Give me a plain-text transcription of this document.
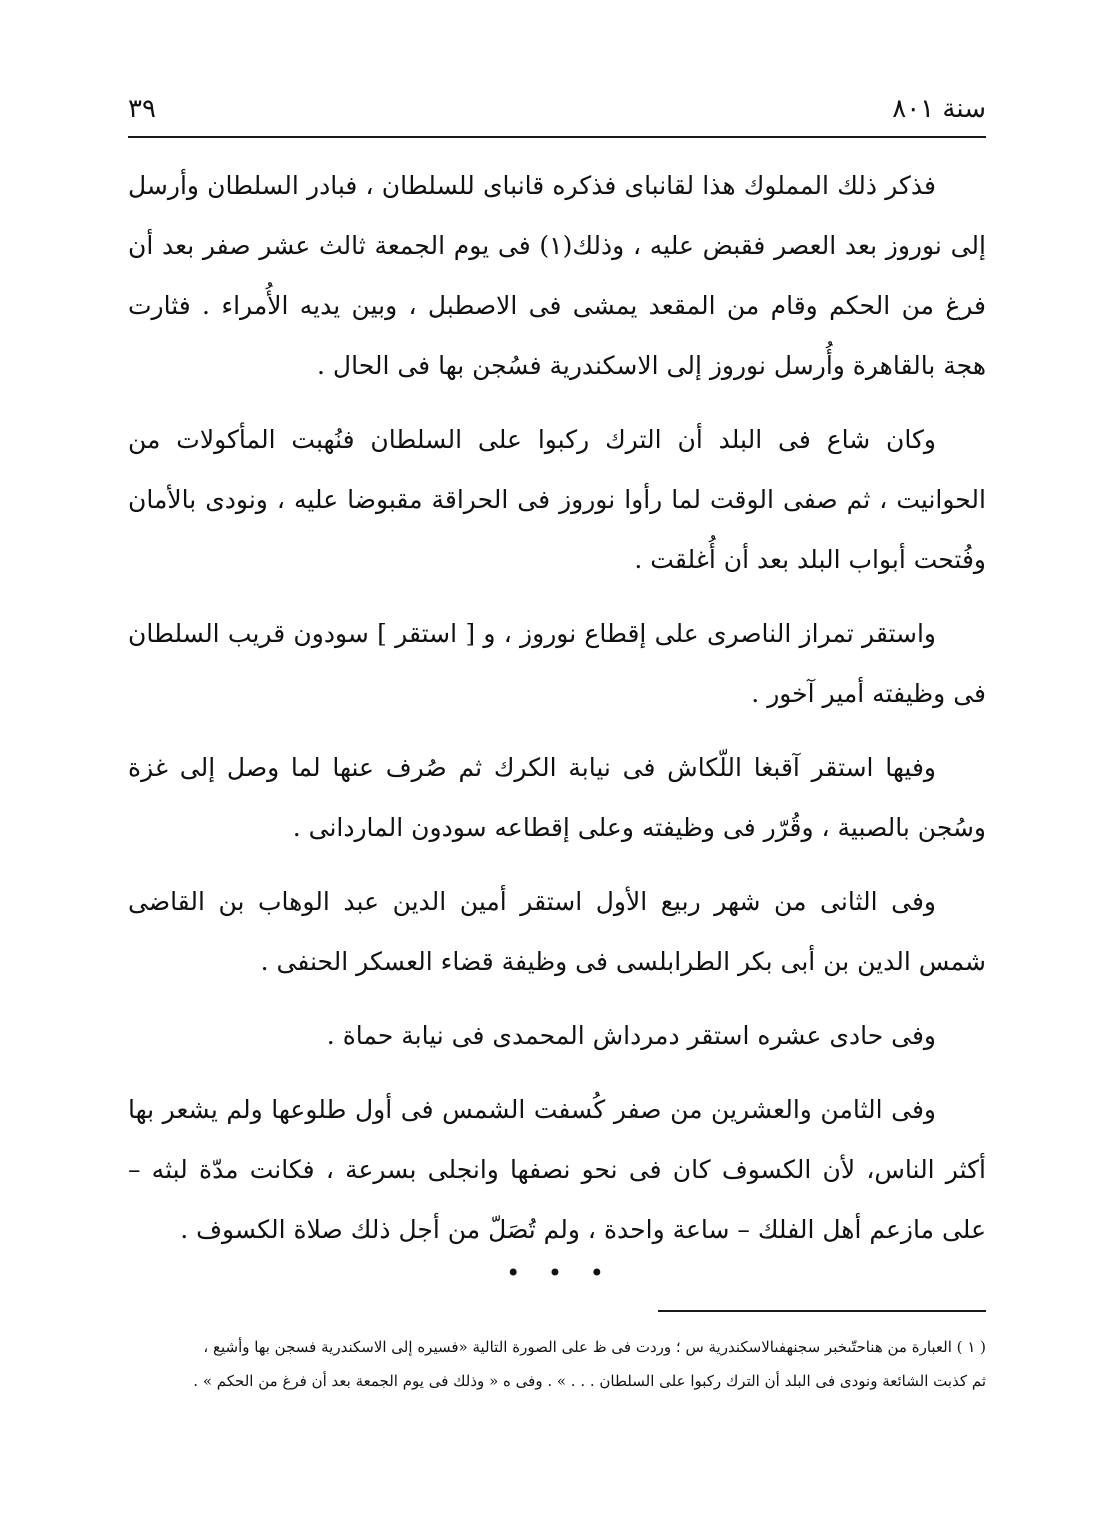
سنة ٨٠١
٣٩

فذكر ذلك المملوك هذا لقانباى فذكره قانباى للسلطان ، فبادر السلطان وأرسل إلى نوروز بعد العصر فقبض عليه ، وذلك(١) فى يوم الجمعة ثالث عشر صفر بعد أن فرغ من الحكم وقام من المقعد يمشى فى الاصطبل ، وبين يديه الأُمراء . فثارت هجة بالقاهرة وأُرسل نوروز إلى الاسكندرية فسُجن بها فى الحال .

وكان شاع فى البلد أن الترك ركبوا على السلطان فنُهبت المأكولات من الحوانيت ، ثم صفى الوقت لما رأوا نوروز فى الحراقة مقبوضا عليه ، ونودى بالأمان وفُتحت أبواب البلد بعد أن أُغلقت .

واستقر تمراز الناصرى على إقطاع نوروز ، و [ استقر ] سودون قريب السلطان فى وظيفته أمير آخور .

وفيها استقر آقبغا اللّكاش فى نيابة الكرك ثم صُرف عنها لما وصل إلى غزة وسُجن بالصبية ، وقُرّر فى وظيفته وعلى إقطاعه سودون الماردانى .

وفى الثانى من شهر ربيع الأول استقر أمين الدين عبد الوهاب بن القاضى شمس الدين بن أبى بكر الطرابلسى فى وظيفة قضاء العسكر الحنفى .

وفى حادى عشره استقر دمرداش المحمدى فى نيابة حماة .

وفى الثامن والعشرين من صفر كُسفت الشمس فى أول طلوعها ولم يشعر بها أكثر الناس، لأن الكسوف كان فى نحو نصفها وانجلى بسرعة ، فكانت مدّة لبثه – على مازعم أهل الفلك – ساعة واحدة ، ولم تُصَلّ من أجل ذلك صلاة الكسوف .

• • •

( ١ ) العبارة من هناحتّىخبر سجنهفىالاسكندرية س ؛ وردت فى ظ على الصورة التالية «فسيره إلى الاسكندرية فسجن بها وأشيع ،

ثم كذبت الشائعة ونودى فى البلد أن الترك ركبوا على السلطان . . . » . وفى ه « وذلك فى يوم الجمعة بعد أن فرغ من الحكم » .
